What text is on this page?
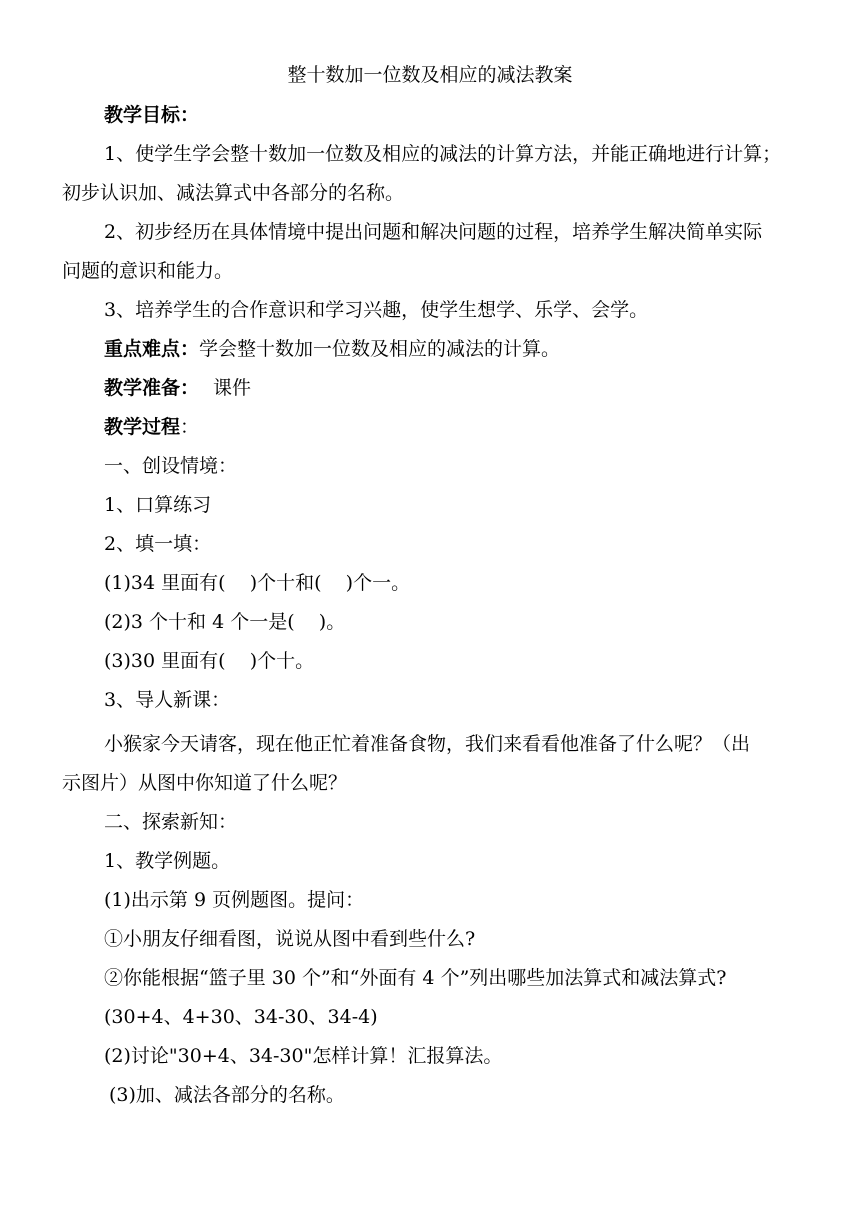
整十数加一位数及相应的减法教案
教学目标：
1、使学生学会整十数加一位数及相应的减法的计算方法，并能正确地进行计算；
初步认识加、减法算式中各部分的名称。
2、初步经历在具体情境中提出问题和解决问题的过程，培养学生解决简单实际
问题的意识和能力。
3、培养学生的合作意识和学习兴趣，使学生想学、乐学、会学。
重点难点：学会整十数加一位数及相应的减法的计算。
教学准备： 课件
教学过程：
一、创设情境：
1、口算练习
2、填一填：
(1)34 里面有(    )个十和(    )个一。
(2)3 个十和 4 个一是(    )。
(3)30 里面有(    )个十。
3、导人新课：
小猴家今天请客，现在他正忙着准备食物，我们来看看他准备了什么呢？（出
示图片）从图中你知道了什么呢？
二、探索新知：
1、教学例题。
(1)出示第 9 页例题图。提问：
①小朋友仔细看图，说说从图中看到些什么?
②你能根据“篮子里 30 个”和“外面有 4 个”列出哪些加法算式和减法算式?
(30+4、4+30、34-30、34-4)
(2)讨论"30+4、34-30"怎样计算！汇报算法。
(3)加、减法各部分的名称。
